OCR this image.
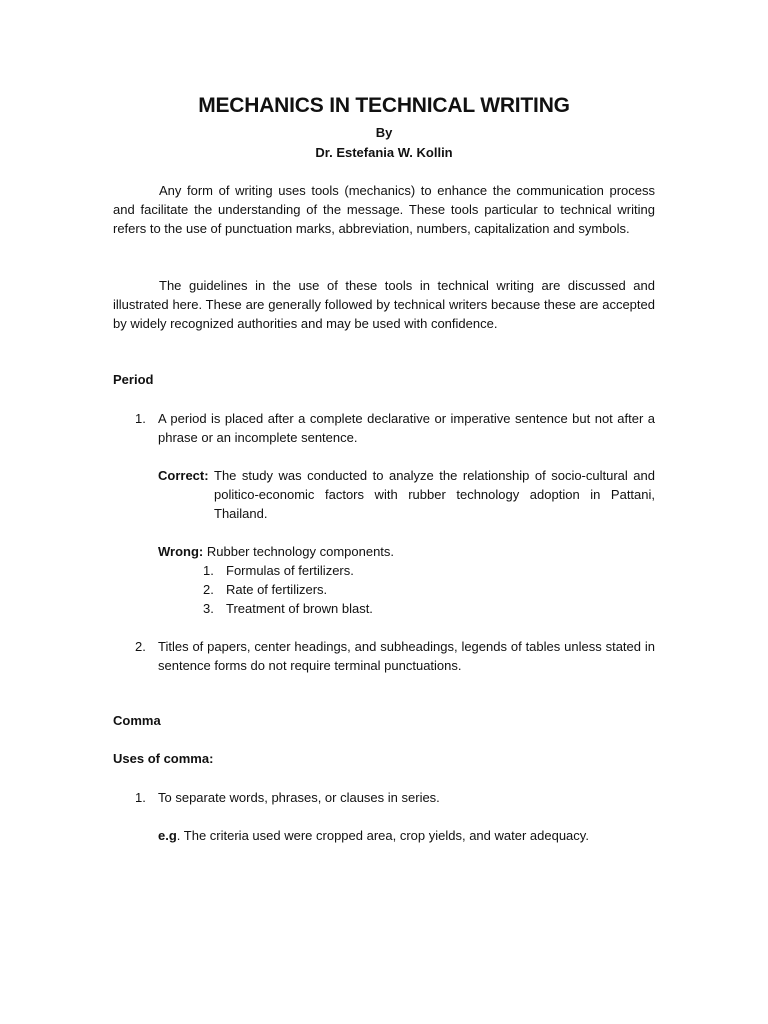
MECHANICS IN TECHNICAL WRITING
By
Dr. Estefania W. Kollin

Any form of writing uses tools (mechanics) to enhance the communication process and facilitate the understanding of the message. These tools particular to technical writing refers to the use of punctuation marks, abbreviation, numbers, capitalization and symbols.

The guidelines in the use of these tools in technical writing are discussed and illustrated here. These are generally followed by technical writers because these are accepted by widely recognized authorities and may be used with confidence.

Period

1. A period is placed after a complete declarative or imperative sentence but not after a phrase or an incomplete sentence.

Correct: The study was conducted to analyze the relationship of socio-cultural and politico-economic factors with rubber technology adoption in Pattani, Thailand.

Wrong: Rubber technology components.

1. Formulas of fertilizers.
2. Rate of fertilizers.
3. Treatment of brown blast.

2. Titles of papers, center headings, and subheadings, legends of tables unless stated in sentence forms do not require terminal punctuations.

Comma

Uses of comma:

1. To separate words, phrases, or clauses in series.

e.g. The criteria used were cropped area, crop yields, and water adequacy.
